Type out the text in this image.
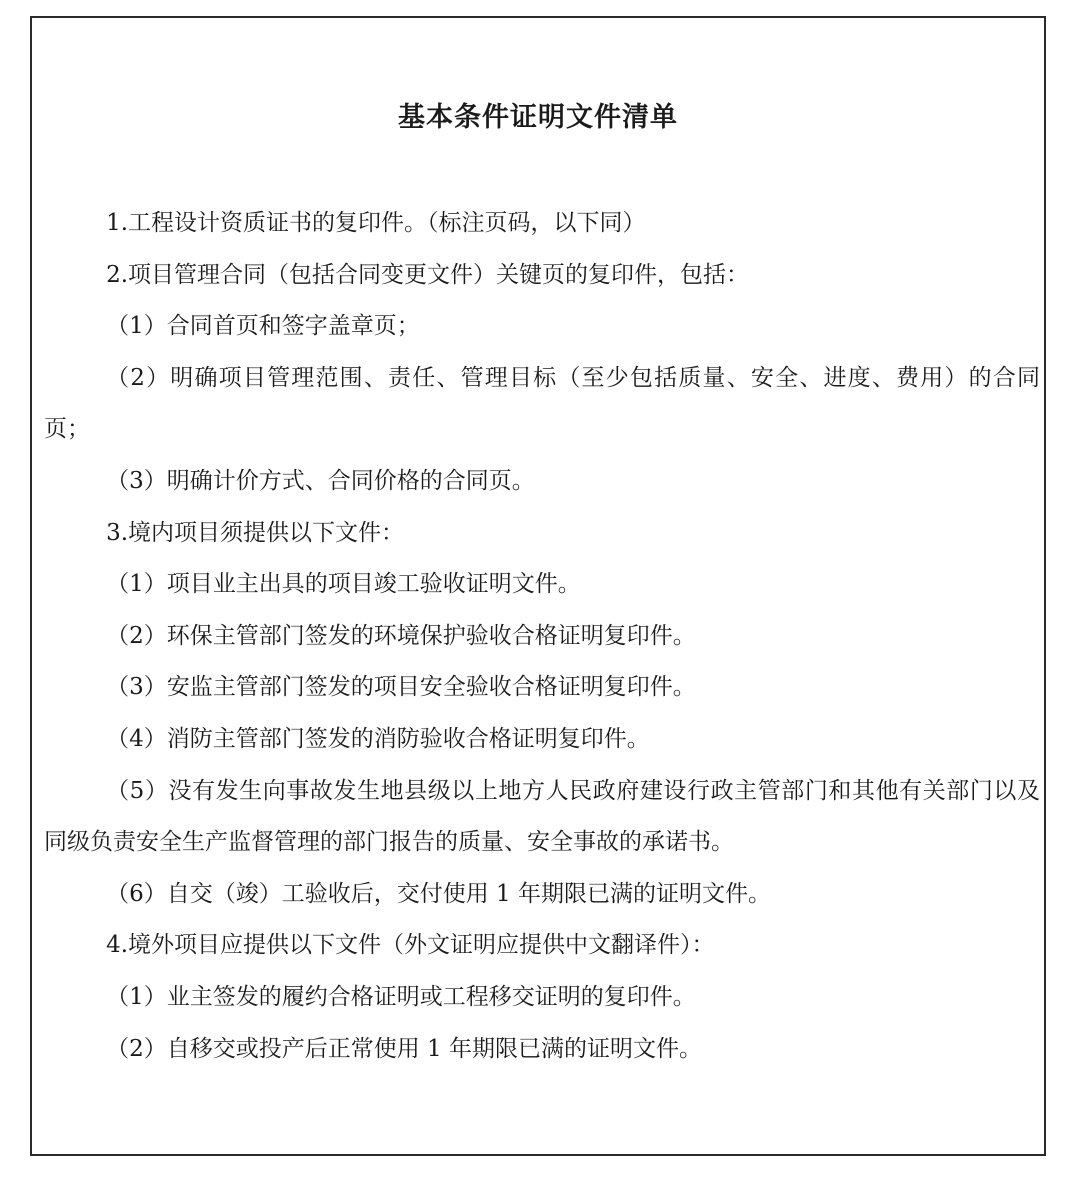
基本条件证明文件清单

1.工程设计资质证书的复印件。（标注页码，以下同）

2.项目管理合同（包括合同变更文件）关键页的复印件，包括：

（1）合同首页和签字盖章页；

（2）明确项目管理范围、责任、管理目标（至少包括质量、安全、进度、费用）的合同页；

（3）明确计价方式、合同价格的合同页。

3.境内项目须提供以下文件：

（1）项目业主出具的项目竣工验收证明文件。

（2）环保主管部门签发的环境保护验收合格证明复印件。

（3）安监主管部门签发的项目安全验收合格证明复印件。

（4）消防主管部门签发的消防验收合格证明复印件。

（5）没有发生向事故发生地县级以上地方人民政府建设行政主管部门和其他有关部门以及同级负责安全生产监督管理的部门报告的质量、安全事故的承诺书。

（6）自交（竣）工验收后，交付使用 1 年期限已满的证明文件。

4.境外项目应提供以下文件（外文证明应提供中文翻译件）：

（1）业主签发的履约合格证明或工程移交证明的复印件。

（2）自移交或投产后正常使用 1 年期限已满的证明文件。
